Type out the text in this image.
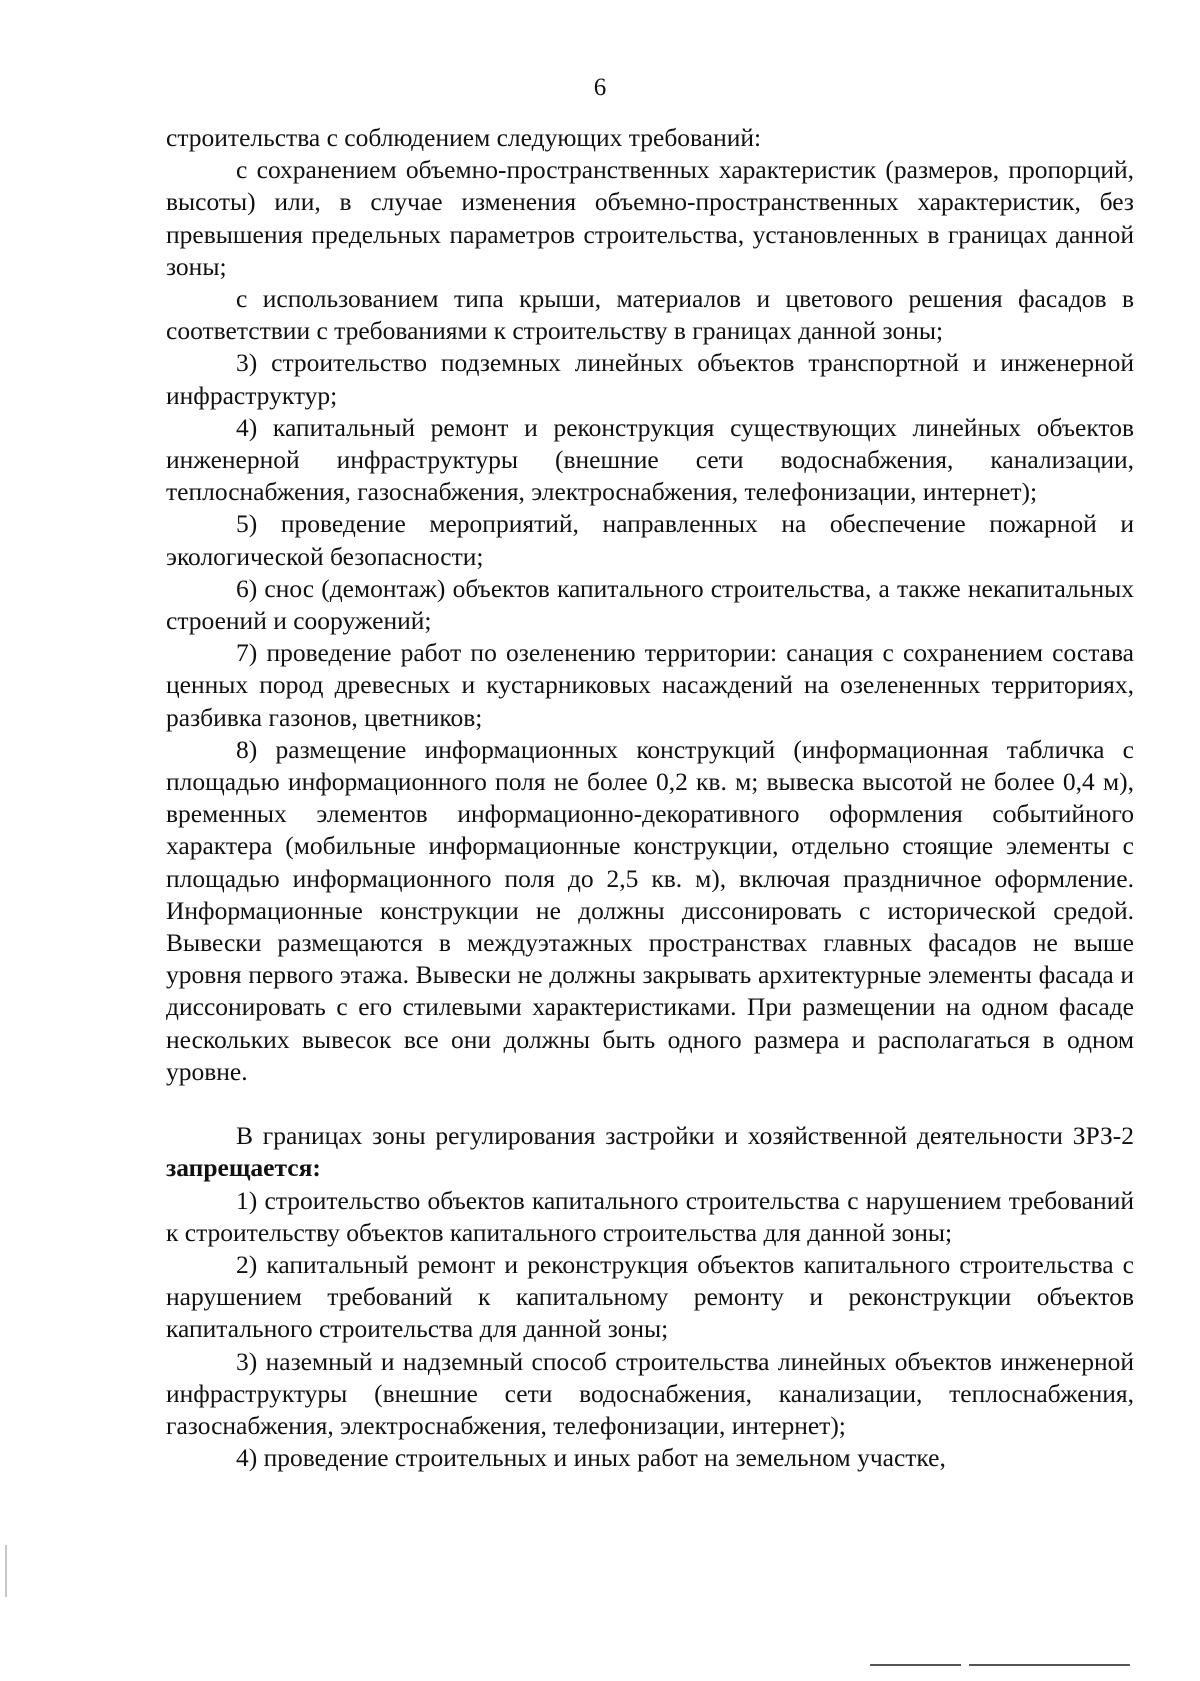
6

строительства с соблюдением следующих требований:

с сохранением объемно-пространственных характеристик (размеров, пропорций, высоты) или, в случае изменения объемно-пространственных характеристик, без превышения предельных параметров строительства, установленных в границах данной зоны;

с использованием типа крыши, материалов и цветового решения фасадов в соответствии с требованиями к строительству в границах данной зоны;

3) строительство подземных линейных объектов транспортной и инженерной инфраструктур;

4) капитальный ремонт и реконструкция существующих линейных объектов инженерной инфраструктуры (внешние сети водоснабжения, канализации, теплоснабжения, газоснабжения, электроснабжения, телефонизации, интернет);

5) проведение мероприятий, направленных на обеспечение пожарной и экологической безопасности;

6) снос (демонтаж) объектов капитального строительства, а также некапитальных строений и сооружений;

7) проведение работ по озеленению территории: санация с сохранением состава ценных пород древесных и кустарниковых насаждений на озелененных территориях, разбивка газонов, цветников;

8) размещение информационных конструкций (информационная табличка с площадью информационного поля не более 0,2 кв. м; вывеска высотой не более 0,4 м), временных элементов информационно-декоративного оформления событийного характера (мобильные информационные конструкции, отдельно стоящие элементы с площадью информационного поля до 2,5 кв. м), включая праздничное оформление. Информационные конструкции не должны диссонировать с исторической средой. Вывески размещаются в междуэтажных пространствах главных фасадов не выше уровня первого этажа. Вывески не должны закрывать архитектурные элементы фасада и диссонировать с его стилевыми характеристиками. При размещении на одном фасаде нескольких вывесок все они должны быть одного размера и располагаться в одном уровне.

В границах зоны регулирования застройки и хозяйственной деятельности ЗРЗ-2 запрещается:

1) строительство объектов капитального строительства с нарушением требований к строительству объектов капитального строительства для данной зоны;

2) капитальный ремонт и реконструкция объектов капитального строительства с нарушением требований к капитальному ремонту и реконструкции объектов капитального строительства для данной зоны;

3) наземный и надземный способ строительства линейных объектов инженерной инфраструктуры (внешние сети водоснабжения, канализации, теплоснабжения, газоснабжения, электроснабжения, телефонизации, интернет);

4) проведение строительных и иных работ на земельном участке,
